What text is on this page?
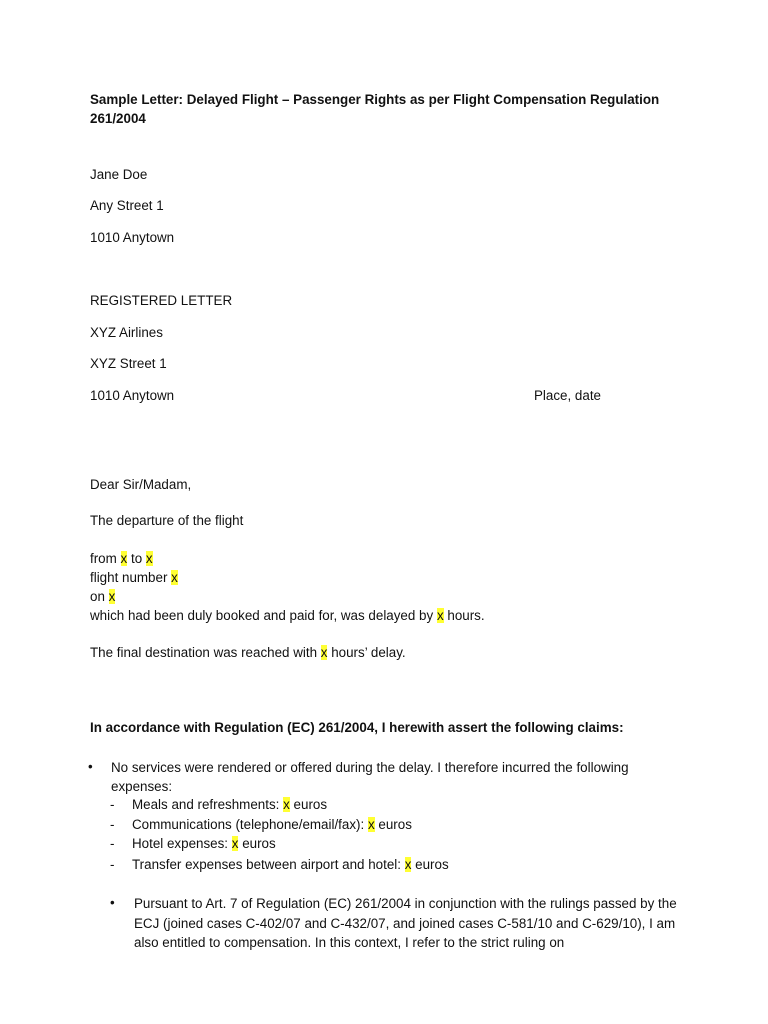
Sample Letter: Delayed Flight – Passenger Rights as per Flight Compensation Regulation 261/2004
Jane Doe
Any Street 1
1010 Anytown
REGISTERED LETTER
XYZ Airlines
XYZ Street 1
1010 Anytown	Place, date
Dear Sir/Madam,
The departure of the flight
from x to x
flight number x
on x
which had been duly booked and paid for, was delayed by x hours.
The final destination was reached with x hours’ delay.
In accordance with Regulation (EC) 261/2004, I herewith assert the following claims:
• No services were rendered or offered during the delay. I therefore incurred the following expenses:
- Meals and refreshments: x euros
- Communications (telephone/email/fax): x euros
- Hotel expenses: x euros
- Transfer expenses between airport and hotel: x euros
• Pursuant to Art. 7 of Regulation (EC) 261/2004 in conjunction with the rulings passed by the ECJ (joined cases C-402/07 and C-432/07, and joined cases C-581/10 and C-629/10), I am also entitled to compensation. In this context, I refer to the strict ruling on
